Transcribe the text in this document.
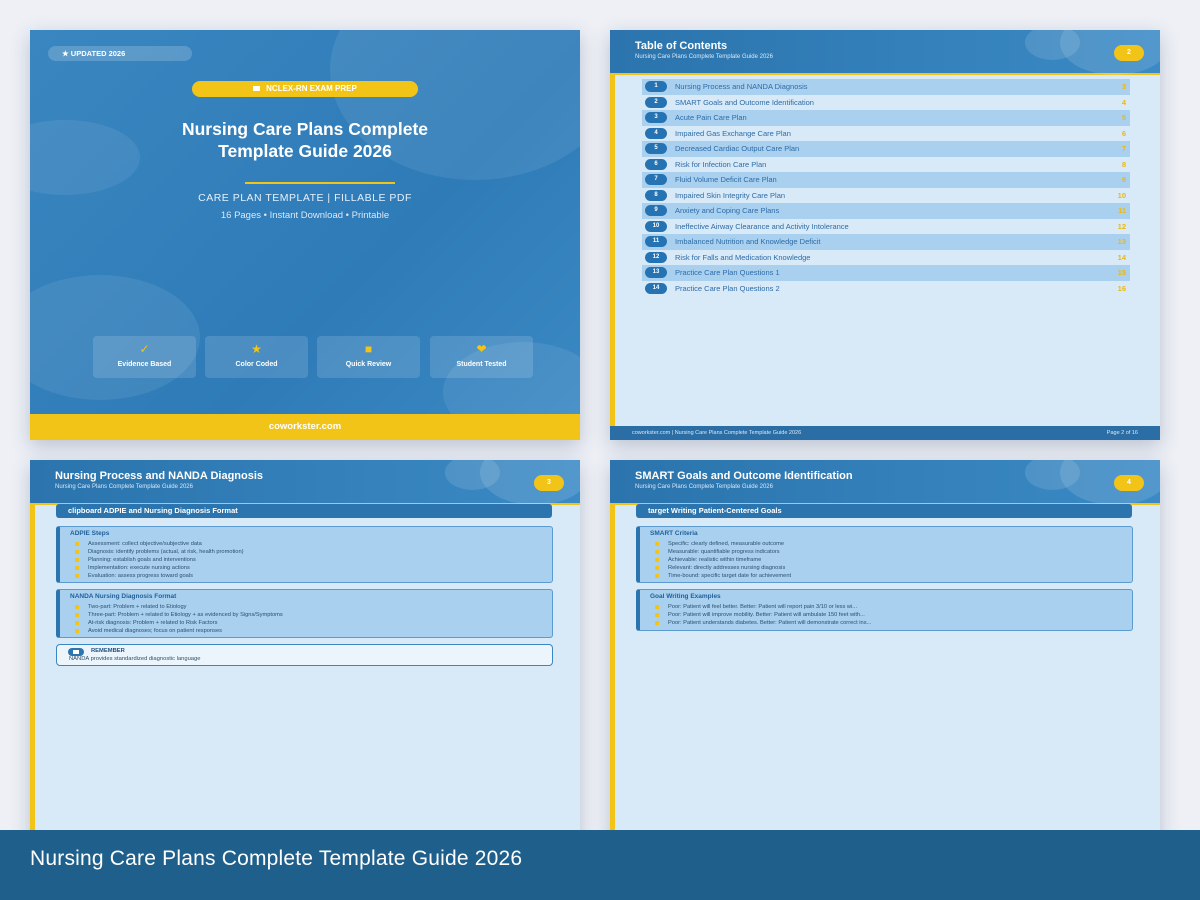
★ UPDATED 2026
NCLEX-RN EXAM PREP
Nursing Care Plans Complete
Template Guide 2026
CARE PLAN TEMPLATE | FILLABLE PDF
16 Pages • Instant Download • Printable
✓
Evidence Based
★
Color Coded
■
Quick Review
❤
Student Tested
coworkster.com
Table of Contents
Nursing Care Plans Complete Template Guide 2026
2
1	Nursing Process and NANDA Diagnosis	3
2	SMART Goals and Outcome Identification	4
3	Acute Pain Care Plan	5
4	Impaired Gas Exchange Care Plan	6
5	Decreased Cardiac Output Care Plan	7
6	Risk for Infection Care Plan	8
7	Fluid Volume Deficit Care Plan	9
8	Impaired Skin Integrity Care Plan	10
9	Anxiety and Coping Care Plans	11
10	Ineffective Airway Clearance and Activity Intolerance	12
11	Imbalanced Nutrition and Knowledge Deficit	13
12	Risk for Falls and Medication Knowledge	14
13	Practice Care Plan Questions 1	15
14	Practice Care Plan Questions 2	16
coworkster.com | Nursing Care Plans Complete Template Guide 2026	Page 2 of 16
Nursing Process and NANDA Diagnosis
Nursing Care Plans Complete Template Guide 2026
3
clipboard ADPIE and Nursing Diagnosis Format
ADPIE Steps
Assessment: collect objective/subjective data
Diagnosis: identify problems (actual, at risk, health promotion)
Planning: establish goals and interventions
Implementation: execute nursing actions
Evaluation: assess progress toward goals
NANDA Nursing Diagnosis Format
Two-part: Problem + related to Etiology
Three-part: Problem + related to Etiology + as evidenced by Signs/Symptoms
At-risk diagnosis: Problem + related to Risk Factors
Avoid medical diagnoses; focus on patient responses
REMEMBER
NANDA provides standardized diagnostic language
SMART Goals and Outcome Identification
Nursing Care Plans Complete Template Guide 2026
4
target Writing Patient-Centered Goals
SMART Criteria
Specific: clearly defined, measurable outcome
Measurable: quantifiable progress indicators
Achievable: realistic within timeframe
Relevant: directly addresses nursing diagnosis
Time-bound: specific target date for achievement
Goal Writing Examples
Poor: Patient will feel better. Better: Patient will report pain 3/10 or less wi...
Poor: Patient will improve mobility. Better: Patient will ambulate 150 feet with...
Poor: Patient understands diabetes. Better: Patient will demonstrate correct ins...
Nursing Care Plans Complete Template Guide 2026
